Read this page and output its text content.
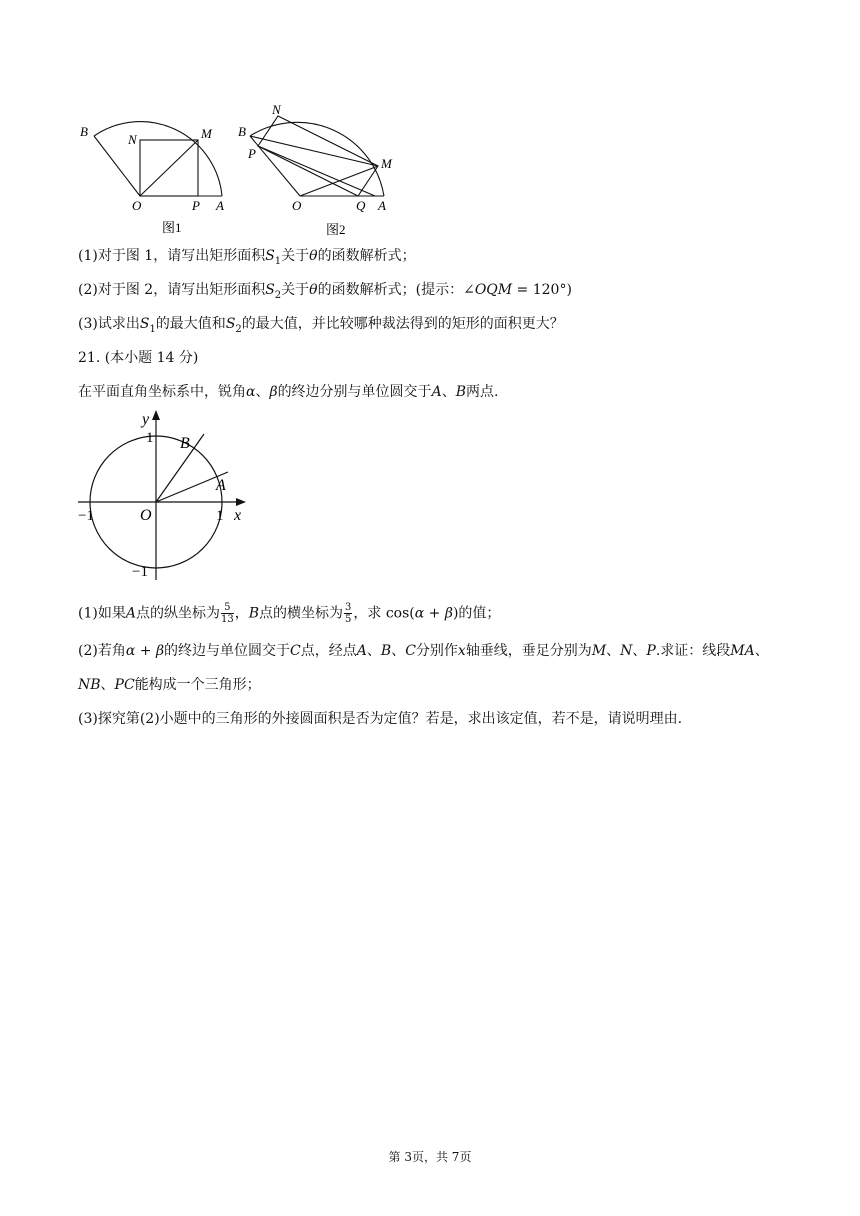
B
N	M
O	P A
图1
N
B
P
M
O	Q A
图2
(1)对于图 1，请写出矩形面积$S_1$关于θ的函数解析式；
(2)对于图 2，请写出矩形面积$S_2$关于θ的函数解析式；(提示：∠OQM = 120°)
(3)试求出$S_1$的最大值和$S_2$的最大值，并比较哪种裁法得到的矩形的面积更大？
21. (本小题 14 分)
在平面直角坐标系中，锐角α、β的终边分别与单位圆交于A、B两点.
y
x
1
−1	O	1
−1
B
A
(1)如果A点的纵坐标为 $\frac{5}{13}$ ，B点的横坐标为 $\frac{3}{5}$ ，求 cos(α + β)的值；
(2)若角α + β的终边与单位圆交于C点，经点A、B、C分别作x轴垂线，垂足分别为M、N、P.求证：线段MA、
NB、PC能构成一个三角形；
(3)探究第(2)小题中的三角形的外接圆面积是否为定值？若是，求出该定值，若不是，请说明理由.
第 3页，共 7页
